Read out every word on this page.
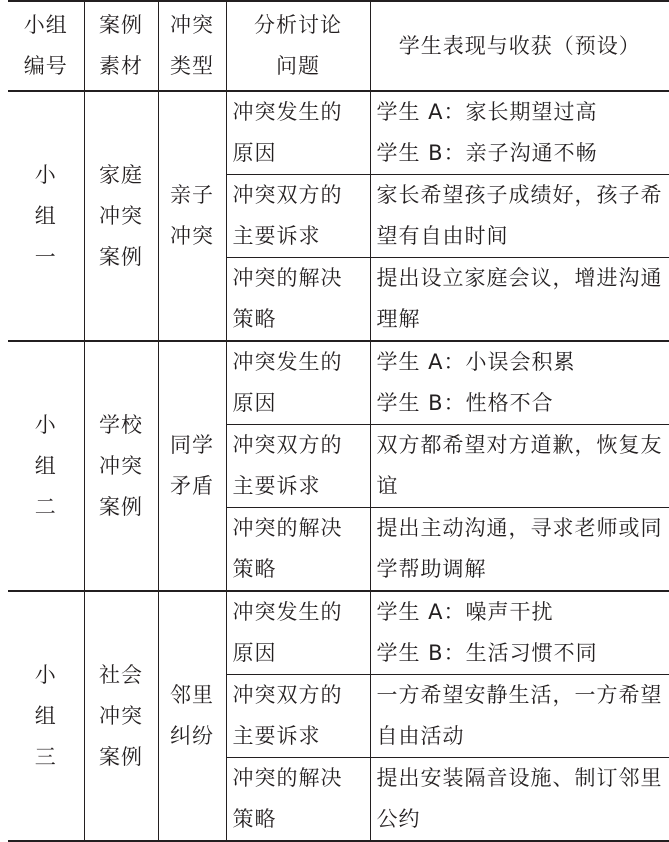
小组编号	案例素材	冲突类型	分析讨论问题	学生表现与收获（预设）
小组一	家庭冲突案例	亲子冲突	冲突发生的原因	学生 A：家长期望过高
学生 B：亲子沟通不畅
			冲突双方的主要诉求	家长希望孩子成绩好，孩子希望有自由时间
			冲突的解决策略	提出设立家庭会议，增进沟通理解
小组二	学校冲突案例	同学矛盾	冲突发生的原因	学生 A：小误会积累
学生 B：性格不合
			冲突双方的主要诉求	双方都希望对方道歉，恢复友谊
			冲突的解决策略	提出主动沟通，寻求老师或同学帮助调解
小组三	社会冲突案例	邻里纠纷	冲突发生的原因	学生 A：噪声干扰
学生 B：生活习惯不同
			冲突双方的主要诉求	一方希望安静生活，一方希望自由活动
			冲突的解决策略	提出安装隔音设施、制订邻里公约
